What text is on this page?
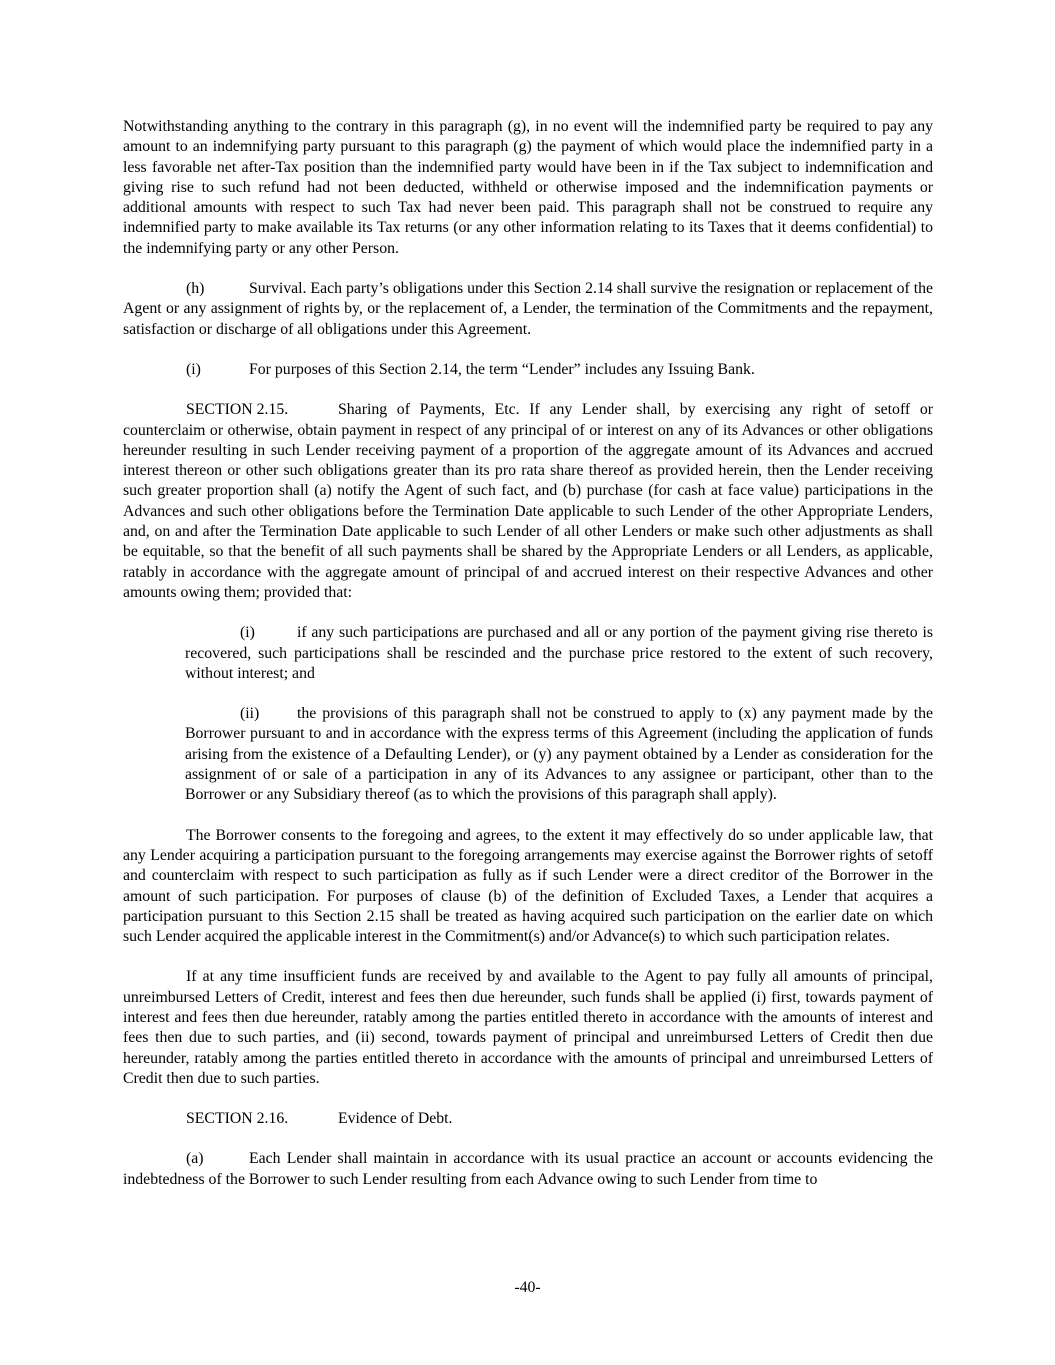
Notwithstanding anything to the contrary in this paragraph (g), in no event will the indemnified party be required to pay any amount to an indemnifying party pursuant to this paragraph (g) the payment of which would place the indemnified party in a less favorable net after-Tax position than the indemnified party would have been in if the Tax subject to indemnification and giving rise to such refund had not been deducted, withheld or otherwise imposed and the indemnification payments or additional amounts with respect to such Tax had never been paid. This paragraph shall not be construed to require any indemnified party to make available its Tax returns (or any other information relating to its Taxes that it deems confidential) to the indemnifying party or any other Person.

(h)	Survival. Each party’s obligations under this Section 2.14 shall survive the resignation or replacement of the Agent or any assignment of rights by, or the replacement of, a Lender, the termination of the Commitments and the repayment, satisfaction or discharge of all obligations under this Agreement.

(i)	For purposes of this Section 2.14, the term “Lender” includes any Issuing Bank.

SECTION 2.15.	Sharing of Payments, Etc. If any Lender shall, by exercising any right of setoff or counterclaim or otherwise, obtain payment in respect of any principal of or interest on any of its Advances or other obligations hereunder resulting in such Lender receiving payment of a proportion of the aggregate amount of its Advances and accrued interest thereon or other such obligations greater than its pro rata share thereof as provided herein, then the Lender receiving such greater proportion shall (a) notify the Agent of such fact, and (b) purchase (for cash at face value) participations in the Advances and such other obligations before the Termination Date applicable to such Lender of the other Appropriate Lenders, and, on and after the Termination Date applicable to such Lender of all other Lenders or make such other adjustments as shall be equitable, so that the benefit of all such payments shall be shared by the Appropriate Lenders or all Lenders, as applicable, ratably in accordance with the aggregate amount of principal of and accrued interest on their respective Advances and other amounts owing them; provided that:

(i)	if any such participations are purchased and all or any portion of the payment giving rise thereto is recovered, such participations shall be rescinded and the purchase price restored to the extent of such recovery, without interest; and

(ii) the provisions of this paragraph shall not be construed to apply to (x) any payment made by the Borrower pursuant to and in accordance with the express terms of this Agreement (including the application of funds arising from the existence of a Defaulting Lender), or (y) any payment obtained by a Lender as consideration for the assignment of or sale of a participation in any of its Advances to any assignee or participant, other than to the Borrower or any Subsidiary thereof (as to which the provisions of this paragraph shall apply).

The Borrower consents to the foregoing and agrees, to the extent it may effectively do so under applicable law, that any Lender acquiring a participation pursuant to the foregoing arrangements may exercise against the Borrower rights of setoff and counterclaim with respect to such participation as fully as if such Lender were a direct creditor of the Borrower in the amount of such participation. For purposes of clause (b) of the definition of Excluded Taxes, a Lender that acquires a participation pursuant to this Section 2.15 shall be treated as having acquired such participation on the earlier date on which such Lender acquired the applicable interest in the Commitment(s) and/or Advance(s) to which such participation relates.

If at any time insufficient funds are received by and available to the Agent to pay fully all amounts of principal, unreimbursed Letters of Credit, interest and fees then due hereunder, such funds shall be applied (i) first, towards payment of interest and fees then due hereunder, ratably among the parties entitled thereto in accordance with the amounts of interest and fees then due to such parties, and (ii) second, towards payment of principal and unreimbursed Letters of Credit then due hereunder, ratably among the parties entitled thereto in accordance with the amounts of principal and unreimbursed Letters of Credit then due to such parties.

SECTION 2.16.	Evidence of Debt.

(a)	Each Lender shall maintain in accordance with its usual practice an account or accounts evidencing the indebtedness of the Borrower to such Lender resulting from each Advance owing to such Lender from time to

-40-
